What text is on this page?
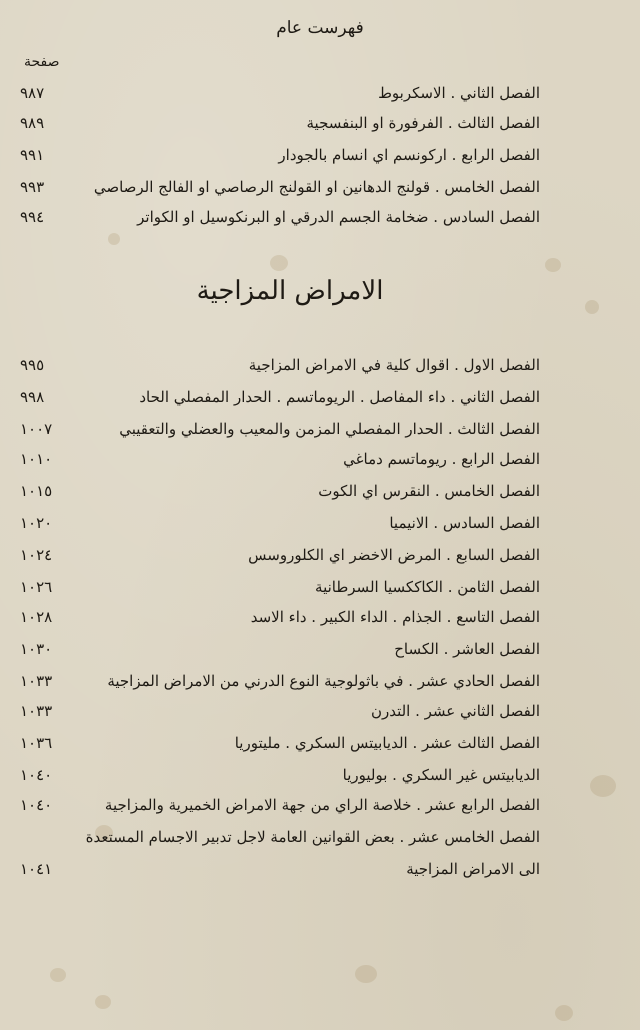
فهرست عام
صفحة
الفصل الثاني . الاسكربوط
٩٨٧
الفصل الثالث . الفرفورة او البنفسجية
٩٨٩
الفصل الرابع . اركونسم اي انسام بالجودار
٩٩١
الفصل الخامس . قولنج الدهانين او القولنج الرصاصي او الفالج الرصاصي
٩٩٣
الفصل السادس . ضخامة الجسم الدرقي او البرنكوسيل او الكواتر
٩٩٤
الامراض المزاجية
الفصل الاول . اقوال كلية في الامراض المزاجية
٩٩٥
الفصل الثاني . داء المفاصل . الريوماتسم . الحدار المفصلي الحاد
٩٩٨
الفصل الثالث . الحدار المفصلي المزمن والمعيب والعضلي والتعقيبي
١٠٠٧
الفصل الرابع . ريوماتسم دماغي
١٠١٠
الفصل الخامس . النقرس اي الكوت
١٠١٥
الفصل السادس . الانيميا
١٠٢٠
الفصل السابع . المرض الاخضر اي الكلوروسس
١٠٢٤
الفصل الثامن . الكاككسيا السرطانية
١٠٢٦
الفصل التاسع . الجذام . الداء الكبير . داء الاسد
١٠٢٨
الفصل العاشر . الكساح
١٠٣٠
الفصل الحادي عشر . في باثولوجية النوع الدرني من الامراض المزاجية
١٠٣٣
الفصل الثاني عشر . التدرن
١٠٣٣
الفصل الثالث عشر . الديابيتس السكري . مليتوريا
١٠٣٦
الديابيتس غير السكري . بوليوريا
١٠٤٠
الفصل الرابع عشر . خلاصة الراي من جهة الامراض الخميرية والمزاجية
١٠٤٠
الفصل الخامس عشر . بعض القوانين العامة لاجل تدبير الاجسام المستعدة
الى الامراض المزاجية
١٠٤١
